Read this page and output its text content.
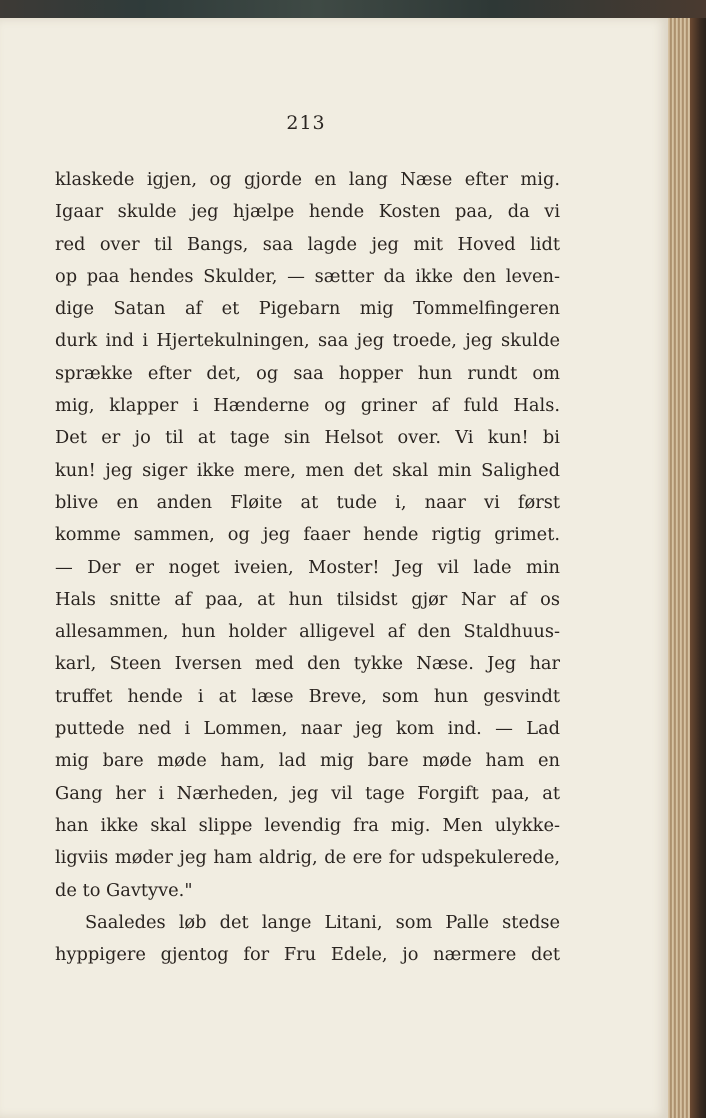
213
klaskede igjen, og gjorde en lang Næse efter mig.
Igaar skulde jeg hjælpe hende Kosten paa, da vi
red over til Bangs, saa lagde jeg mit Hoved lidt
op paa hendes Skulder, — sætter da ikke den leven-
dige Satan af et Pigebarn mig Tommelfingeren
durk ind i Hjertekulningen, saa jeg troede, jeg skulde
sprække efter det, og saa hopper hun rundt om
mig, klapper i Hænderne og griner af fuld Hals.
Det er jo til at tage sin Helsot over. Vi kun! bi
kun! jeg siger ikke mere, men det skal min Salighed
blive en anden Fløite at tude i, naar vi først
komme sammen, og jeg faaer hende rigtig grimet.
— Der er noget iveien, Moster! Jeg vil lade min
Hals snitte af paa, at hun tilsidst gjør Nar af os
allesammen, hun holder alligevel af den Staldhuus-
karl, Steen Iversen med den tykke Næse. Jeg har
truffet hende i at læse Breve, som hun gesvindt
puttede ned i Lommen, naar jeg kom ind. — Lad
mig bare møde ham, lad mig bare møde ham en
Gang her i Nærheden, jeg vil tage Forgift paa, at
han ikke skal slippe levendig fra mig. Men ulykke-
ligviis møder jeg ham aldrig, de ere for udspekulerede,
de to Gavtyve."
Saaledes løb det lange Litani, som Palle stedse
hyppigere gjentog for Fru Edele, jo nærmere det
